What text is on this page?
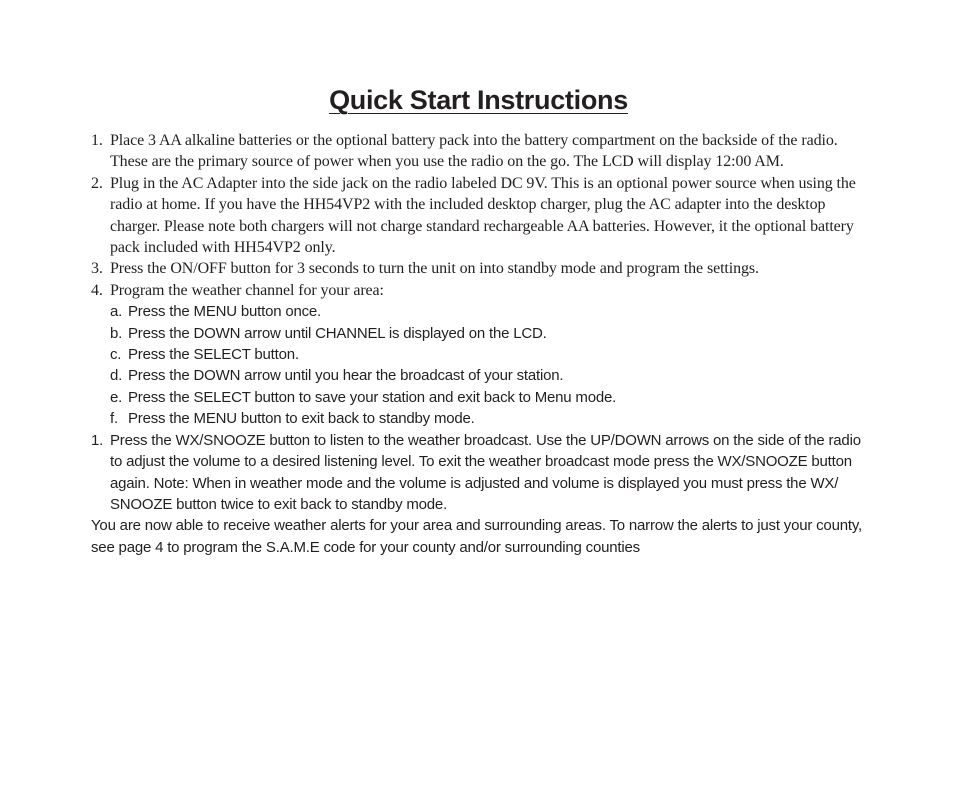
Quick Start Instructions
1. Place 3 AA alkaline batteries or the optional battery pack into the battery compartment on the backside of the radio. These are the primary source of power when you use the radio on the go. The LCD will display 12:00 AM.
2. Plug in the AC Adapter into the side jack on the radio labeled DC 9V. This is an optional power source when using the radio at home. If you have the HH54VP2 with the included desktop charger, plug the AC adapter into the desktop charger. Please note both chargers will not charge standard rechargeable AA batteries. However, it the optional battery pack included with HH54VP2 only.
3. Press the ON/OFF button for 3 seconds to turn the unit on into standby mode and program the settings.
4. Program the weather channel for your area:
a. Press the MENU button once.
b. Press the DOWN arrow until CHANNEL is displayed on the LCD.
c. Press the SELECT button.
d. Press the DOWN arrow until you hear the broadcast of your station.
e. Press the SELECT button to save your station and exit back to Menu mode.
f. Press the MENU button to exit back to standby mode.
1. Press the WX/SNOOZE button to listen to the weather broadcast. Use the UP/DOWN arrows on the side of the radio to adjust the volume to a desired listening level. To exit the weather broadcast mode press the WX/SNOOZE button again. Note: When in weather mode and the volume is adjusted and volume is displayed you must press the WX/ SNOOZE button twice to exit back to standby mode.
You are now able to receive weather alerts for your area and surrounding areas. To narrow the alerts to just your county, see page 4 to program the S.A.M.E code for your county and/or surrounding counties
